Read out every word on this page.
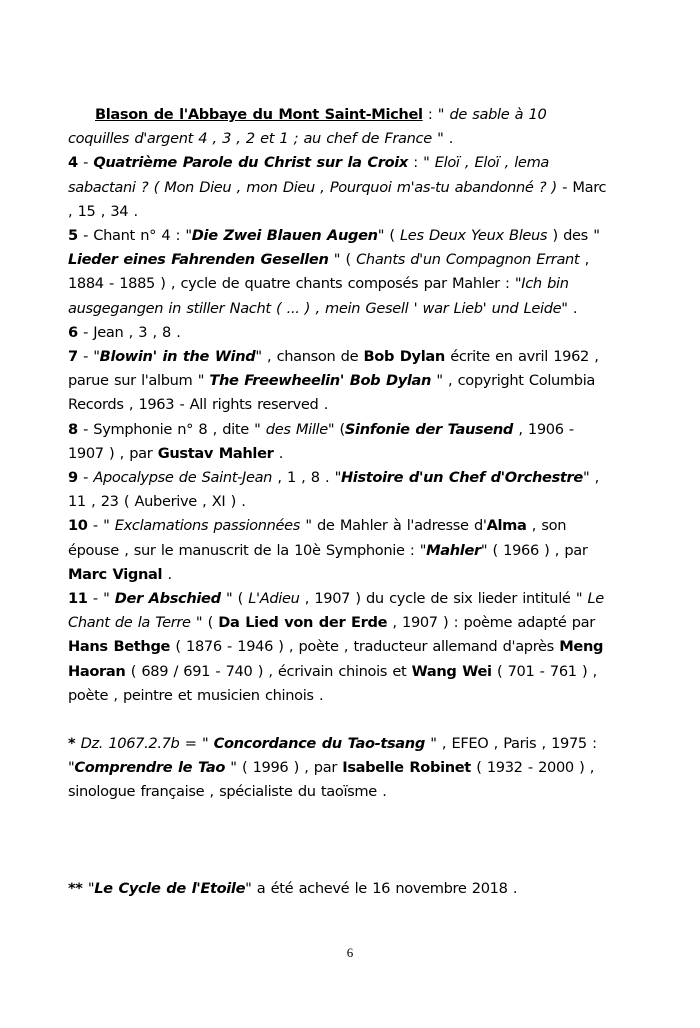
Blason de l'Abbaye du Mont Saint-Michel : " de sable à 10 coquilles d'argent 4 , 3 , 2 et 1 ; au chef de France " .

4 - Quatrième Parole du Christ sur la Croix : " Eloï , Eloï , lema sabactani ? ( Mon Dieu , mon Dieu , Pourquoi m'as-tu abandonné ? ) - Marc , 15 , 34 .

5 - Chant n° 4 : "Die Zwei Blauen Augen" ( Les Deux Yeux Bleus ) des " Lieder eines Fahrenden Gesellen " ( Chants d'un Compagnon Errant , 1884 - 1885 ) , cycle de quatre chants composés par Mahler : "Ich bin ausgegangen in stiller Nacht ( ... ) , mein Gesell ' war Lieb' und Leide" .

6 - Jean , 3 , 8 .

7 - "Blowin' in the Wind" , chanson de Bob Dylan écrite en avril 1962 , parue sur l'album " The Freewheelin' Bob Dylan " , copyright Columbia Records , 1963 - All rights reserved .

8 - Symphonie n° 8 , dite " des Mille" (Sinfonie der Tausend , 1906 - 1907 ) , par Gustav Mahler .

9 - Apocalypse de Saint-Jean , 1 , 8 . "Histoire d'un Chef d'Orchestre" , 11 , 23 ( Auberive , XI ) .

10 - " Exclamations passionnées " de Mahler à l'adresse d'Alma , son épouse , sur le manuscrit de la 10è Symphonie : "Mahler" ( 1966 ) , par Marc Vignal .

11 - " Der Abschied " ( L'Adieu , 1907 ) du cycle de six lieder intitulé " Le Chant de la Terre " ( Da Lied von der Erde , 1907 ) : poème adapté par Hans Bethge ( 1876 - 1946 ) , poète , traducteur allemand d'après Meng Haoran ( 689 / 691 - 740 ) , écrivain chinois et Wang Wei ( 701 - 761 ) , poète , peintre et musicien chinois .

* Dz. 1067.2.7b = " Concordance du Tao-tsang " , EFEO , Paris , 1975 : "Comprendre le Tao " ( 1996 ) , par Isabelle Robinet ( 1932 - 2000 ) , sinologue française , spécialiste du taoïsme .

** "Le Cycle de l'Etoile" a été achevé le 16 novembre 2018 .

6
